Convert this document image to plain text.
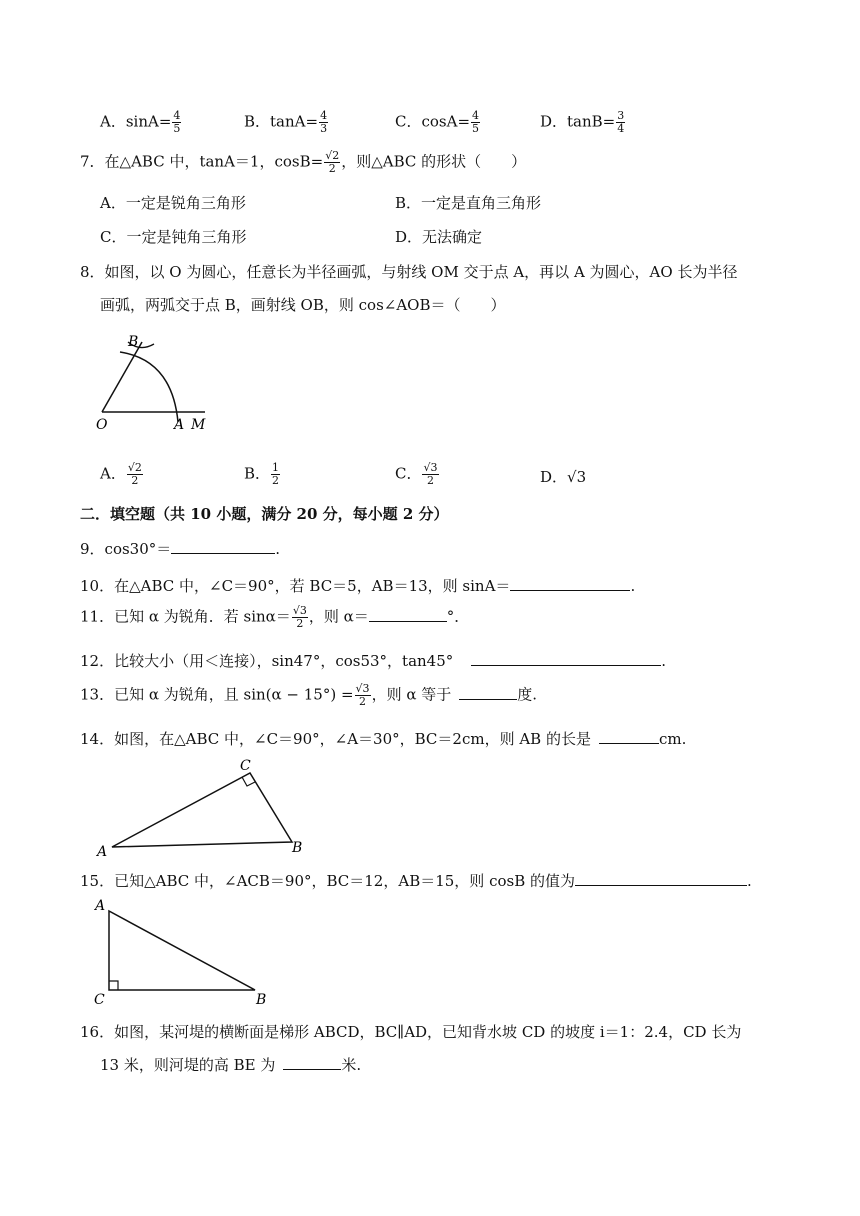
A．$\sin A= \frac{4}{5}$	B．$\tan A= \frac{4}{3}$	C．$\cos A= \frac{4}{5}$	D．$\tan B= \frac{3}{4}$
7．在△ABC 中，tanA＝1，$\cos B= \frac{√2}{2}$ ，则△ABC 的形状（　　）
A．一定是锐角三角形	B．一定是直角三角形
C．一定是钝角三角形	D．无法确定
8．如图，以 O 为圆心，任意长为半径画弧，与射线 OM 交于点 A，再以 A 为圆心，AO 长为半径
画弧，两弧交于点 B，画射线 OB，则 cos∠AOB＝（　　）
B
O	A M
A． $\frac{√2}{2}$	B． $\frac{1}{2}$	C． $\frac{√3}{2}$	D．√3
二．填空题（共 10 小题，满分 20 分，每小题 2 分）
9．cos30°＝	.
10．在△ABC 中，∠C＝90°，若 BC＝5，AB＝13，则 sinA＝	.
11．已知 α 为锐角．若 $\sin\alpha= \frac{√3}{2}$ ，则 α＝	°．
12．比较大小（用＜连接），sin47°，cos53°，tan45°	.
13．已知 α 为锐角，且 $\sin(\alpha - 15^\circ) = \frac{√3}{2}$ ，则 α 等于	度.
14．如图，在△ABC 中，∠C＝90°，∠A＝30°，BC＝2cm，则 AB 的长是	cm.
A	B
C
15．已知△ABC 中，∠ACB＝90°，BC＝12，AB＝15，则 cosB 的值为	.
A
C	B
16．如图，某河堤的横断面是梯形 ABCD，BC∥AD，已知背水坡 CD 的坡度 i＝1：2.4，CD 长为
13 米，则河堤的高 BE 为	米.
